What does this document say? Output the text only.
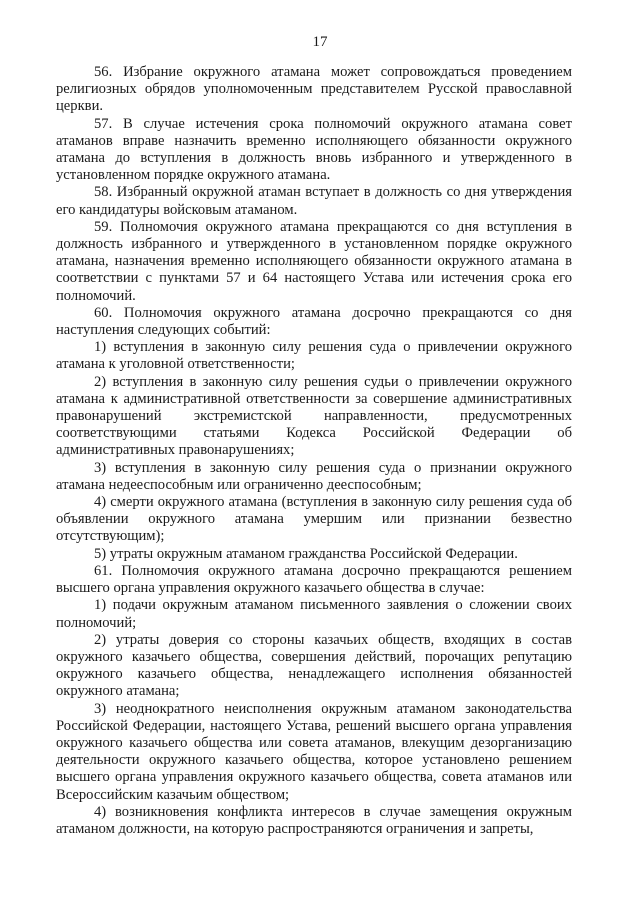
17

56. Избрание окружного атамана может сопровождаться проведением религиозных обрядов уполномоченным представителем Русской православной церкви.

57. В случае истечения срока полномочий окружного атамана совет атаманов вправе назначить временно исполняющего обязанности окружного атамана до вступления в должность вновь избранного и утвержденного в установленном порядке окружного атамана.

58. Избранный окружной атаман вступает в должность со дня утверждения его кандидатуры войсковым атаманом.

59. Полномочия окружного атамана прекращаются со дня вступления в должность избранного и утвержденного в установленном порядке окружного атамана, назначения временно исполняющего обязанности окружного атамана в соответствии с пунктами 57 и 64 настоящего Устава или истечения срока его полномочий.

60. Полномочия окружного атамана досрочно прекращаются со дня наступления следующих событий:

1) вступления в законную силу решения суда о привлечении окружного атамана к уголовной ответственности;

2) вступления в законную силу решения судьи о привлечении окружного атамана к административной ответственности за совершение административных правонарушений экстремистской направленности, предусмотренных соответствующими статьями Кодекса Российской Федерации об административных правонарушениях;

3) вступления в законную силу решения суда о признании окружного атамана недееспособным или ограниченно дееспособным;

4) смерти окружного атамана (вступления в законную силу решения суда об объявлении окружного атамана умершим или признании безвестно отсутствующим);

5) утраты окружным атаманом гражданства Российской Федерации.

61. Полномочия окружного атамана досрочно прекращаются решением высшего органа управления окружного казачьего общества в случае:

1) подачи окружным атаманом письменного заявления о сложении своих полномочий;

2) утраты доверия со стороны казачьих обществ, входящих в состав окружного казачьего общества, совершения действий, порочащих репутацию окружного казачьего общества, ненадлежащего исполнения обязанностей окружного атамана;

3) неоднократного неисполнения окружным атаманом законодательства Российской Федерации, настоящего Устава, решений высшего органа управления окружного казачьего общества или совета атаманов, влекущим дезорганизацию деятельности окружного казачьего общества, которое установлено решением высшего органа управления окружного казачьего общества, совета атаманов или Всероссийским казачьим обществом;

4) возникновения конфликта интересов в случае замещения окружным атаманом должности, на которую распространяются ограничения и запреты,
